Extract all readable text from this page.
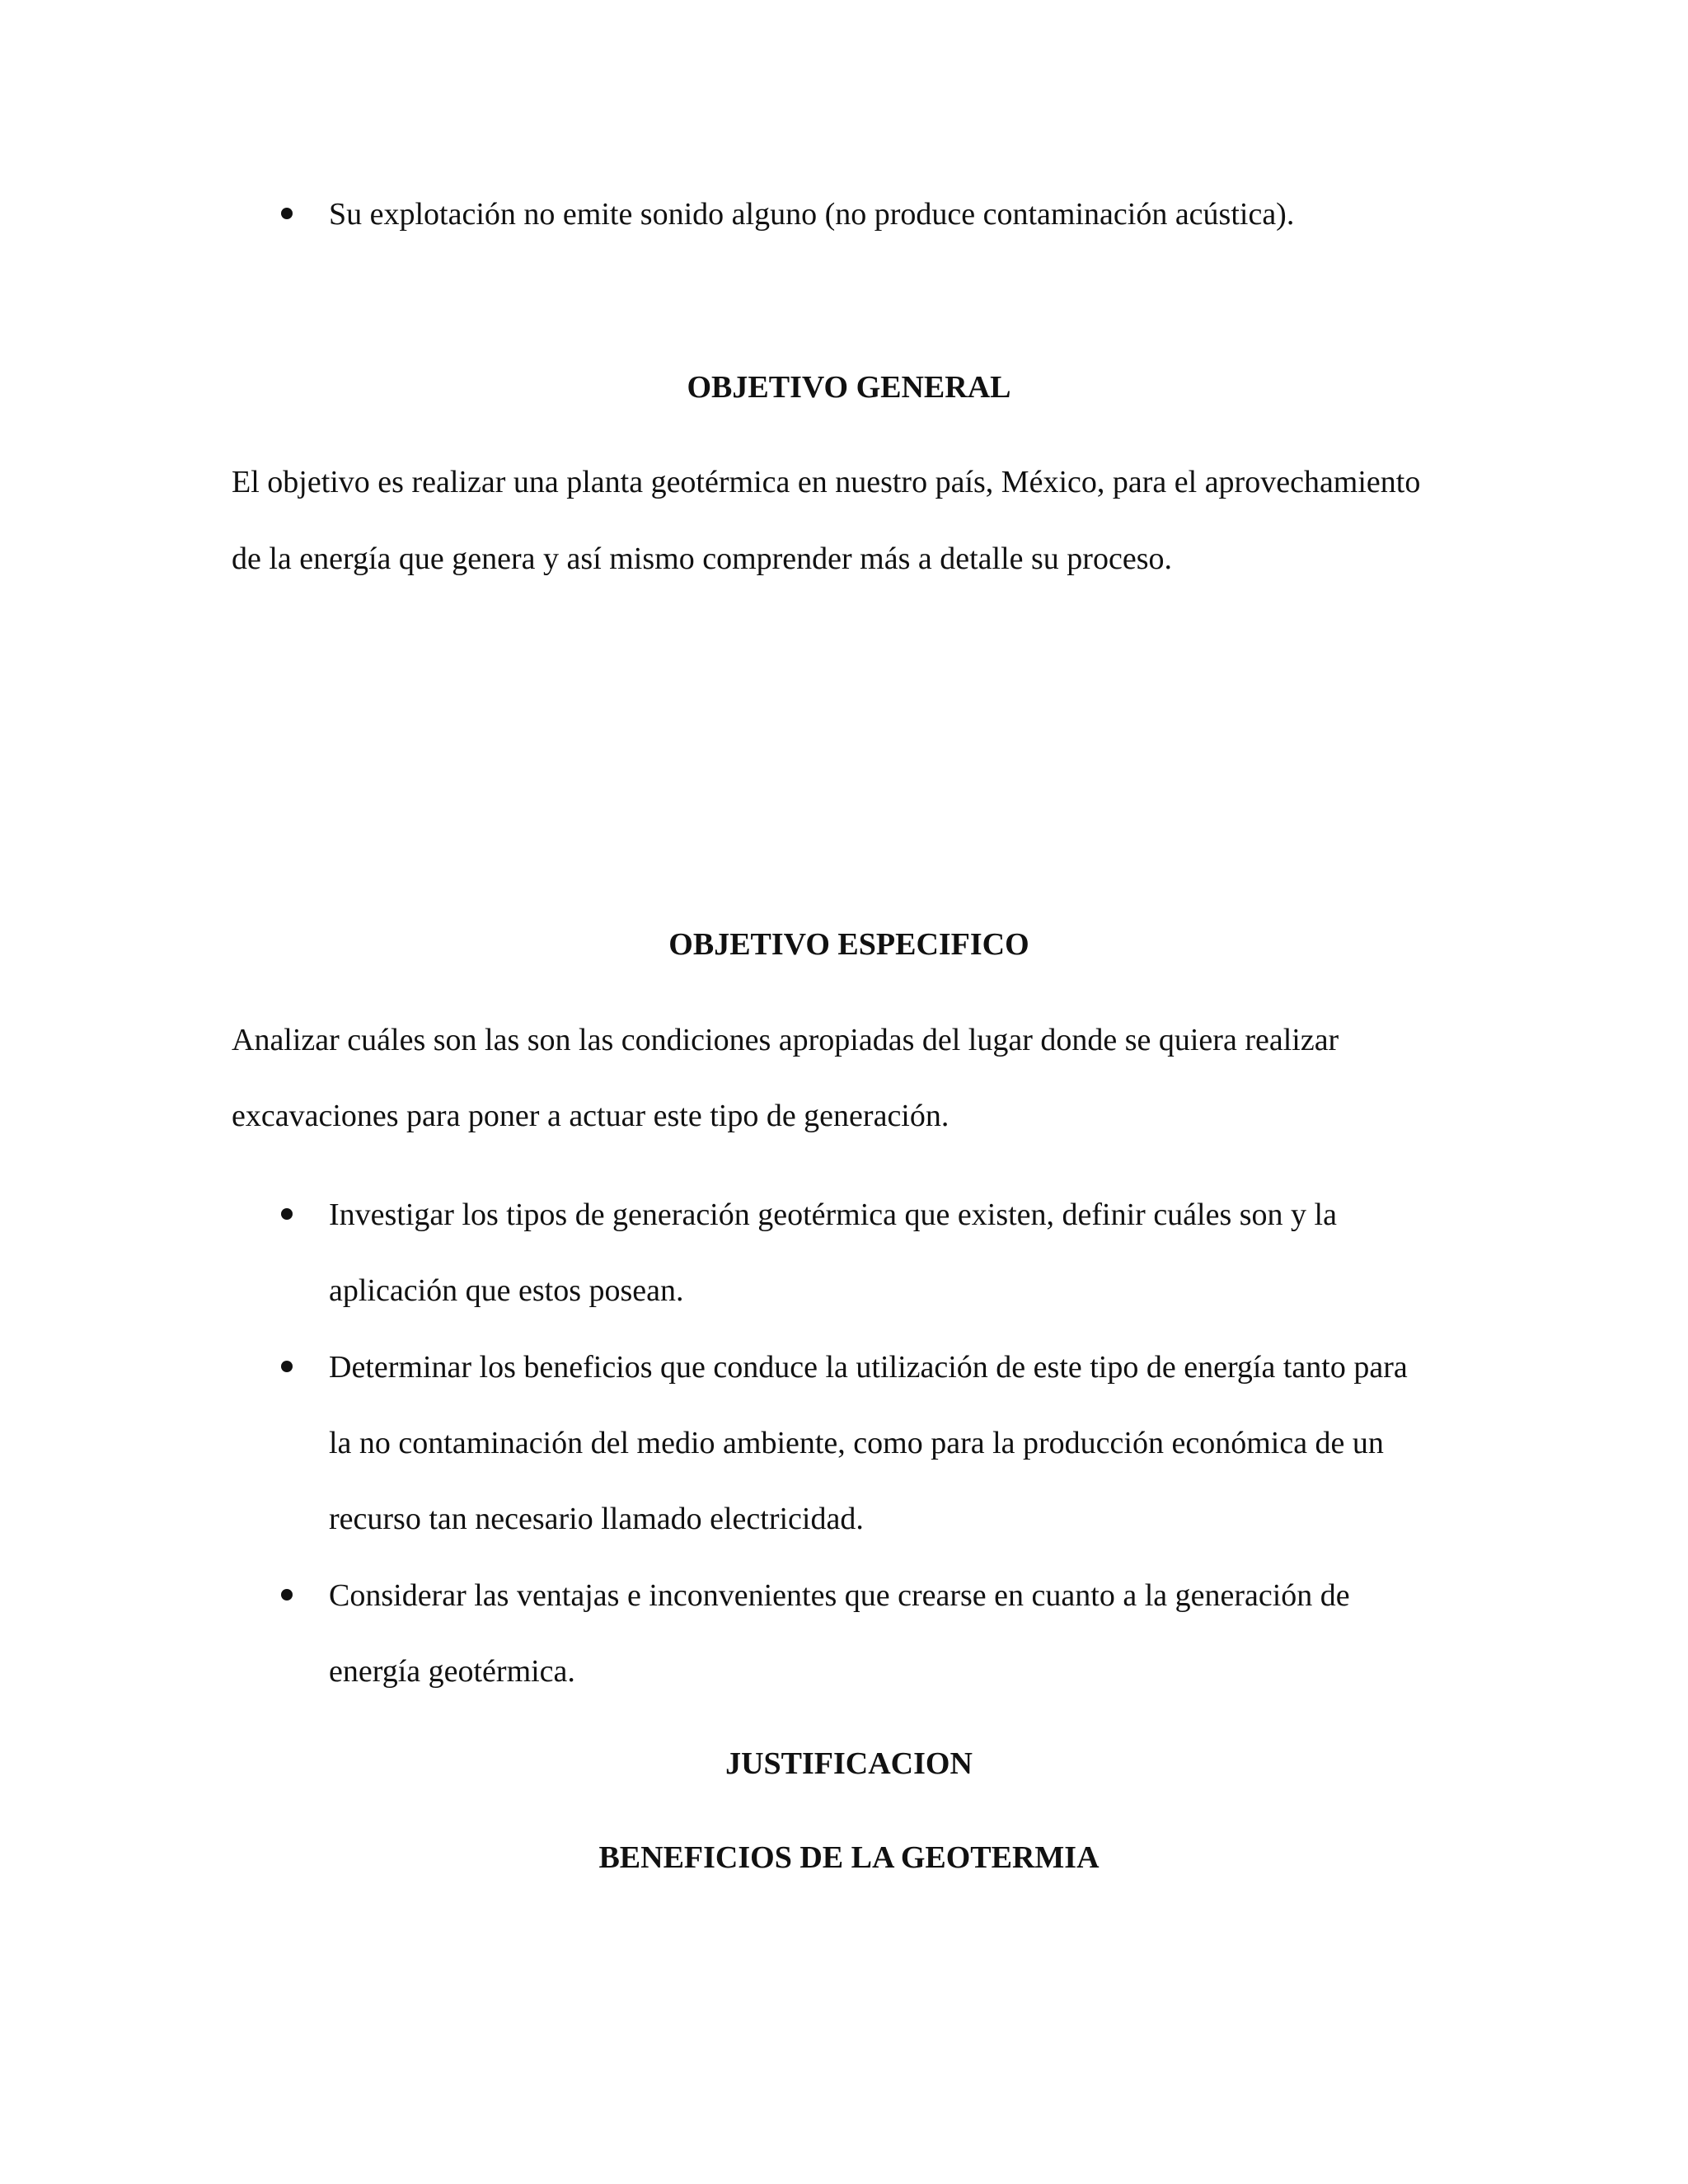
Su explotación no emite sonido alguno (no produce contaminación acústica).

OBJETIVO GENERAL

El objetivo es realizar una planta geotérmica en nuestro país, México, para el aprovechamiento

de la energía que genera y así mismo comprender más a detalle su proceso.

OBJETIVO ESPECIFICO

Analizar cuáles son las son las condiciones apropiadas del lugar donde se quiera realizar

excavaciones para poner a actuar este tipo de generación.

Investigar los tipos de generación geotérmica que existen, definir cuáles son y la

aplicación que estos posean.

Determinar los beneficios que conduce la utilización de este tipo de energía tanto para

la no contaminación del medio ambiente, como para la producción económica de un

recurso tan necesario llamado electricidad.

Considerar las ventajas e inconvenientes que crearse en cuanto a la generación de

energía geotérmica.

JUSTIFICACION
BENEFICIOS DE LA GEOTERMIA
